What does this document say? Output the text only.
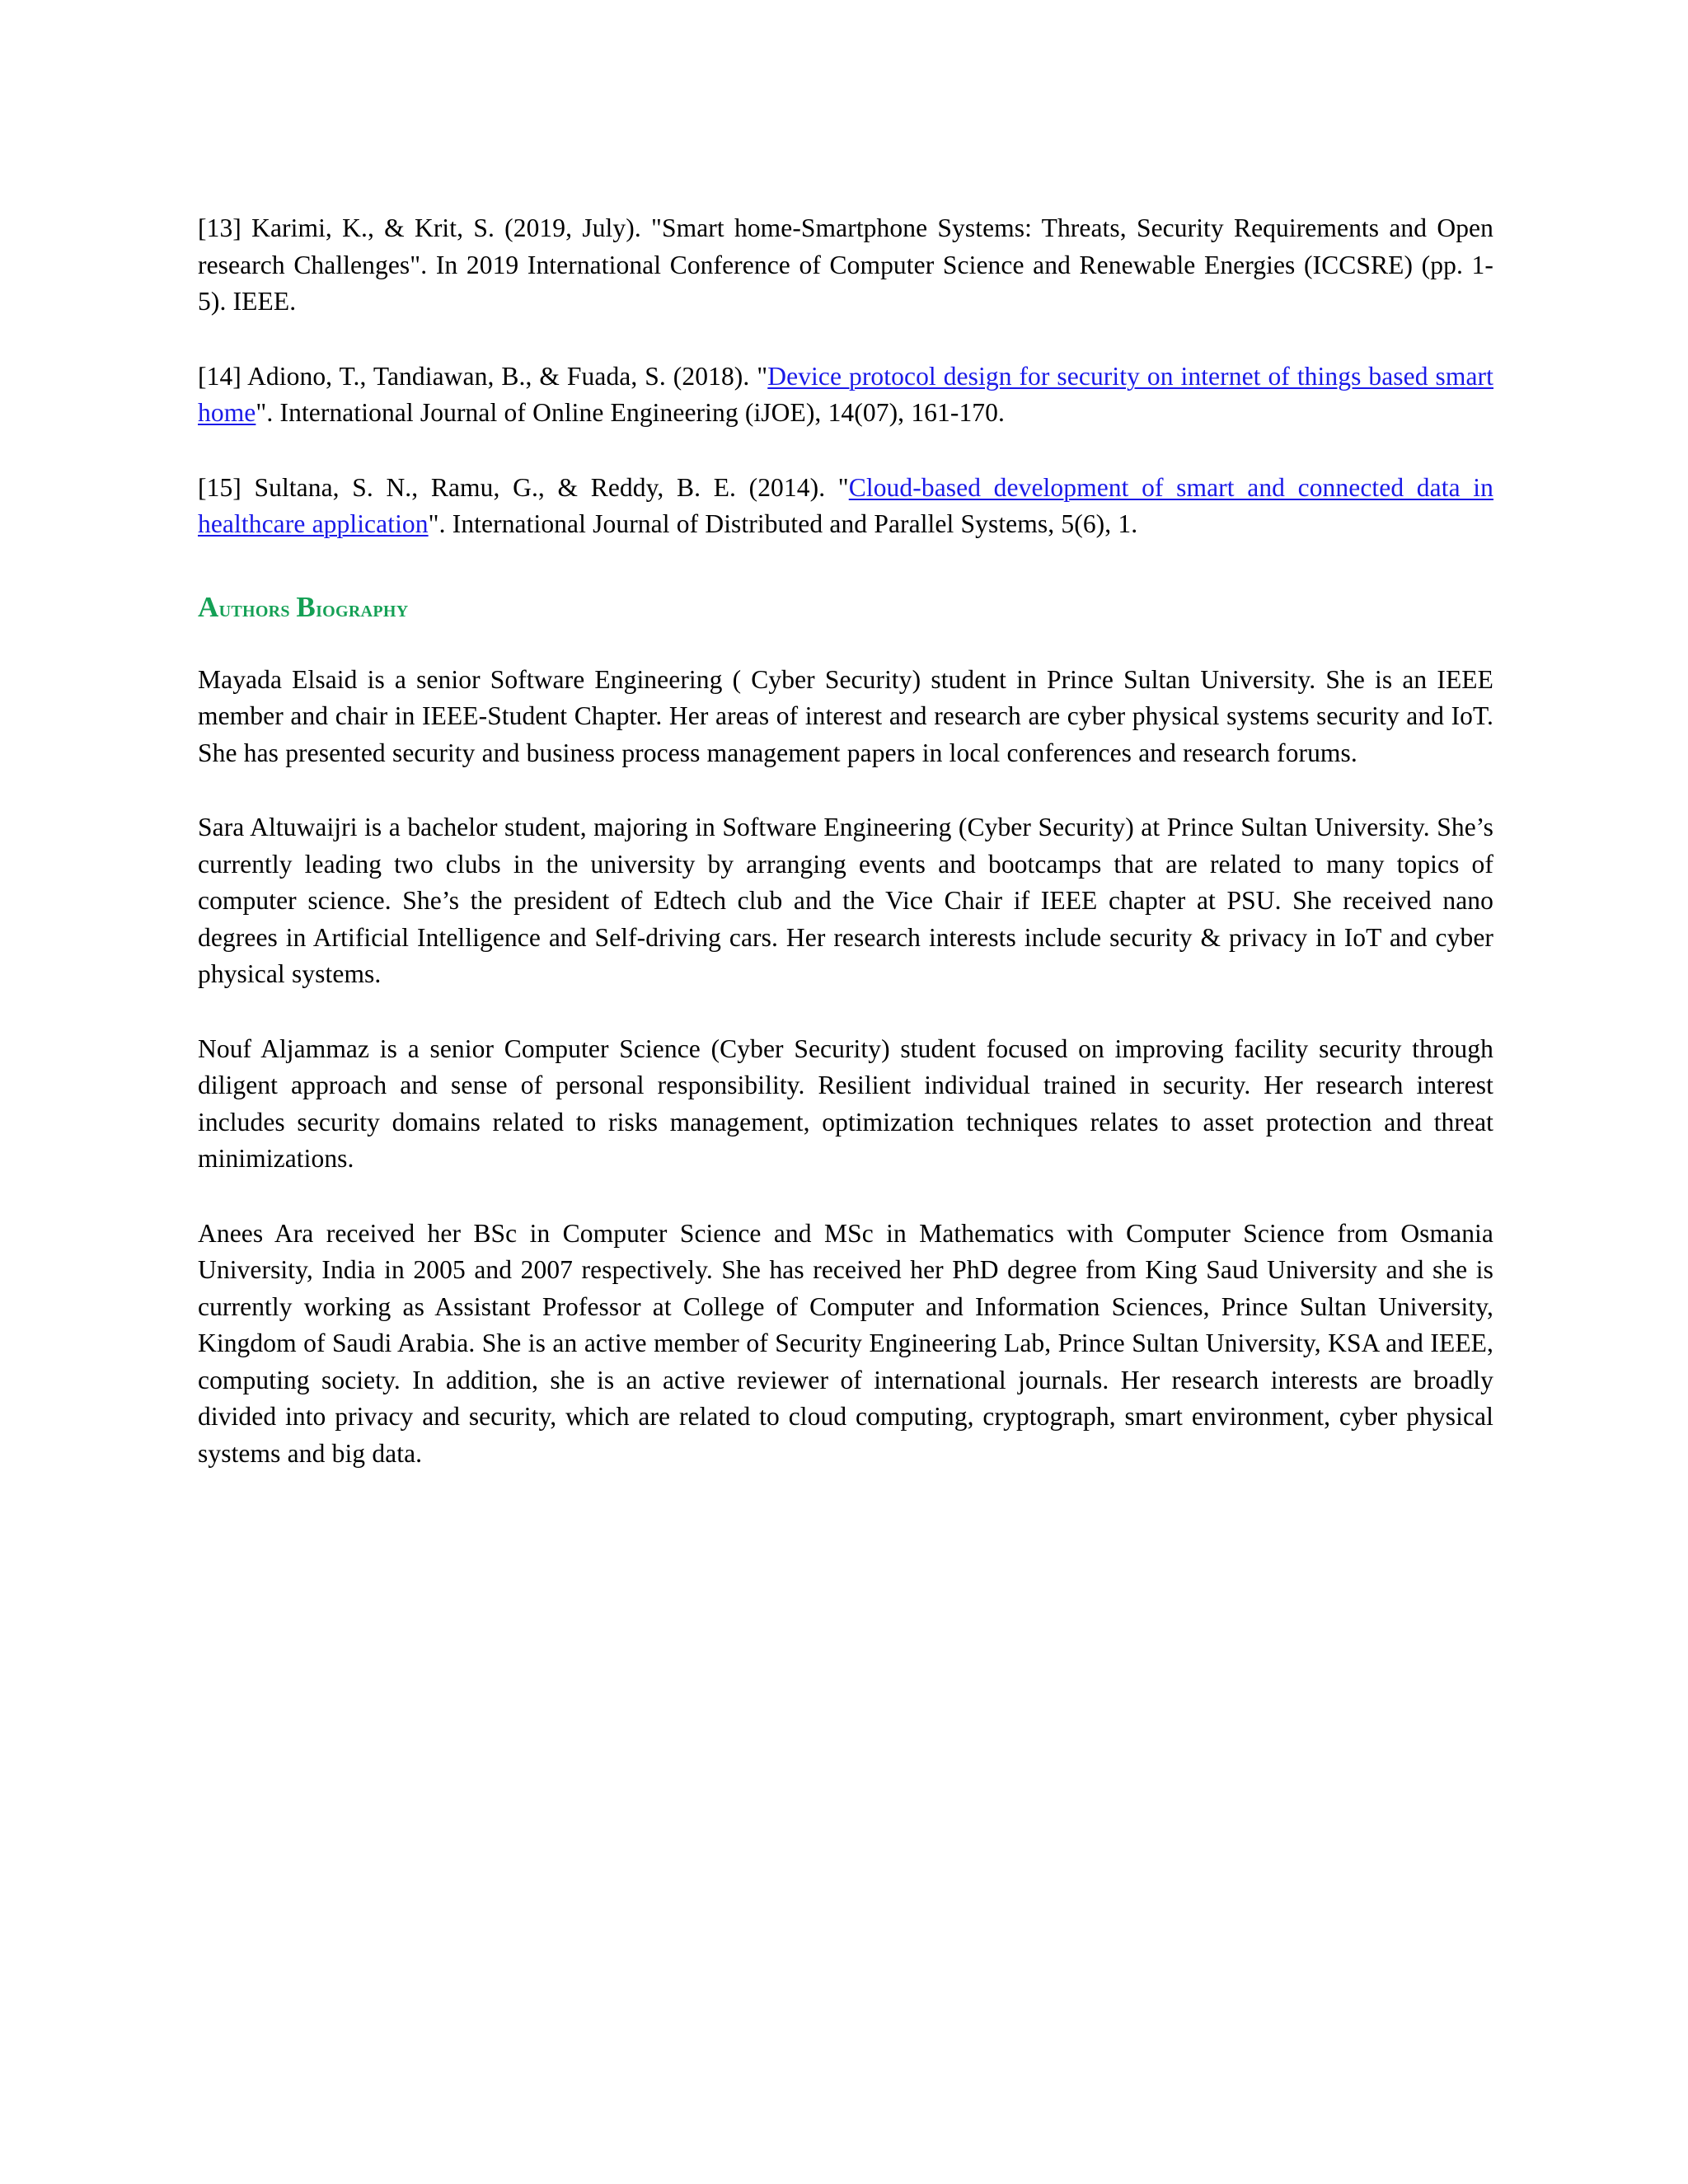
[13] Karimi, K., & Krit, S. (2019, July). "Smart home-Smartphone Systems: Threats, Security Requirements and Open research Challenges". In 2019 International Conference of Computer Science and Renewable Energies (ICCSRE) (pp. 1-5). IEEE.

[14] Adiono, T., Tandiawan, B., & Fuada, S. (2018). "Device protocol design for security on internet of things based smart home". International Journal of Online Engineering (iJOE), 14(07), 161-170.

[15] Sultana, S. N., Ramu, G., & Reddy, B. E. (2014). "Cloud-based development of smart and connected data in healthcare application". International Journal of Distributed and Parallel Systems, 5(6), 1.

Authors Biography

Mayada Elsaid is a senior Software Engineering ( Cyber Security) student in Prince Sultan University. She is an IEEE member and chair in IEEE-Student Chapter. Her areas of interest and research are cyber physical systems security and IoT. She has presented security and business process management papers in local conferences and research forums.

Sara Altuwaijri is a bachelor student, majoring in Software Engineering (Cyber Security) at Prince Sultan University. She’s currently leading two clubs in the university by arranging events and bootcamps that are related to many topics of computer science. She’s the president of Edtech club and the Vice Chair if IEEE chapter at PSU. She received nano degrees in Artificial Intelligence and Self-driving cars. Her research interests include security & privacy in IoT and cyber physical systems.

Nouf Aljammaz is a senior Computer Science (Cyber Security) student focused on improving facility security through diligent approach and sense of personal responsibility. Resilient individual trained in security. Her research interest includes security domains related to risks management, optimization techniques relates to asset protection and threat minimizations.

Anees Ara received her BSc in Computer Science and MSc in Mathematics with Computer Science from Osmania University, India in 2005 and 2007 respectively. She has received her PhD degree from King Saud University and she is currently working as Assistant Professor at College of Computer and Information Sciences, Prince Sultan University, Kingdom of Saudi Arabia. She is an active member of Security Engineering Lab, Prince Sultan University, KSA and IEEE, computing society. In addition, she is an active reviewer of international journals. Her research interests are broadly divided into privacy and security, which are related to cloud computing, cryptograph, smart environment, cyber physical systems and big data.
